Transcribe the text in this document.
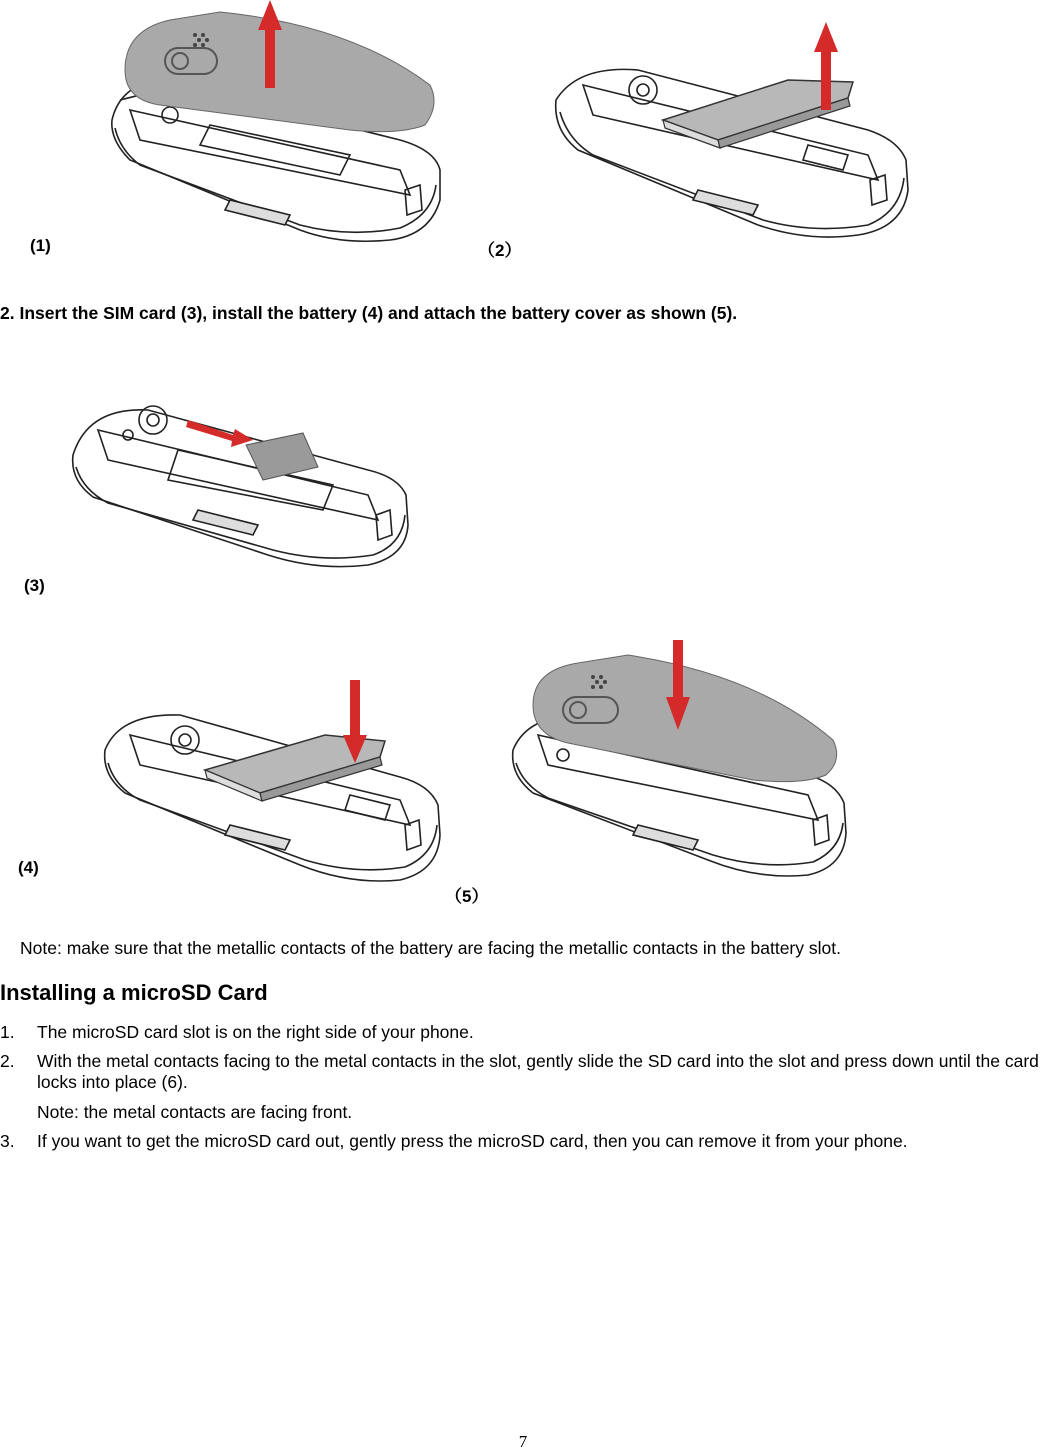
(1)	（2）
2. Insert the SIM card (3), install the battery (4) and attach the battery cover as shown (5).
(3)
(4)
（5）
Note: make sure that the metallic contacts of the battery are facing the metallic contacts in the battery slot.
Installing a microSD Card
1. The microSD card slot is on the right side of your phone.
2. With the metal contacts facing to the metal contacts in the slot, gently slide the SD card into the slot and press down until the card locks into place (6).
Note: the metal contacts are facing front.
3. If you want to get the microSD card out, gently press the microSD card, then you can remove it from your phone.
7
